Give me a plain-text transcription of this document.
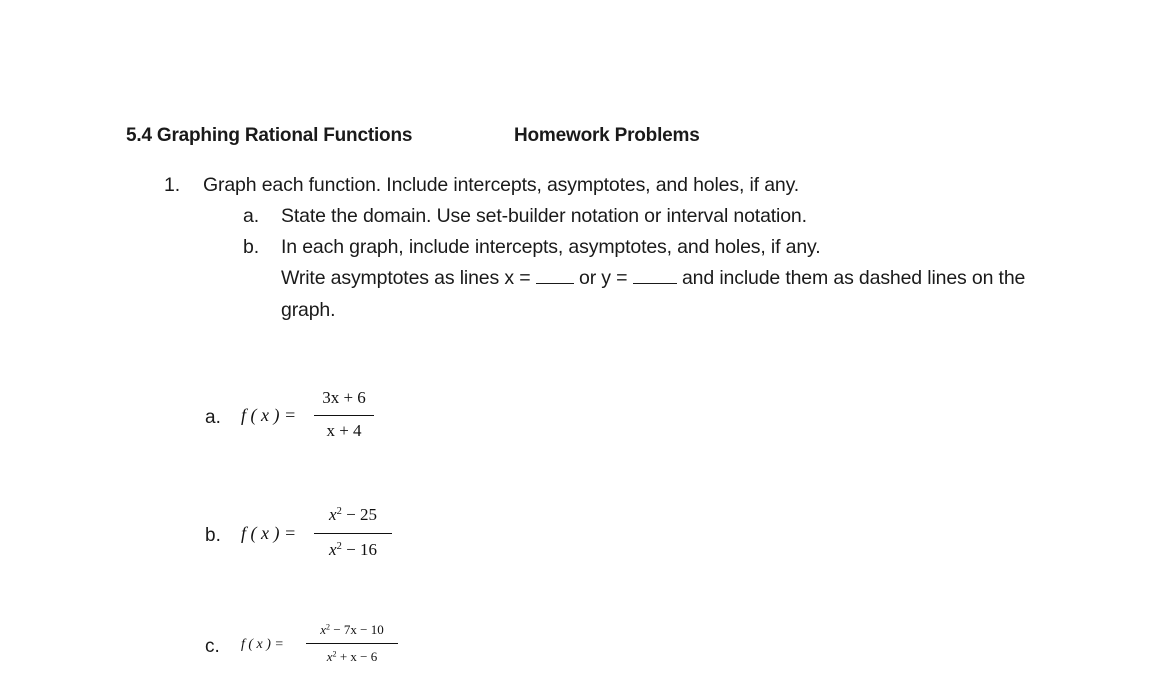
5.4 Graphing Rational Functions	Homework Problems
1. Graph each function. Include intercepts, asymptotes, and holes, if any.
a. State the domain. Use set-builder notation or interval notation.
b. In each graph, include intercepts, asymptotes, and holes, if any.
Write asymptotes as lines x = or y =	and include them as dashed lines on the
graph.
a. f ( x ) =
3x + 6
x + 4
b. f ( x ) =
$x^2 - 25$
$x^2 - 16$
c. f ( x ) =
$x^2 - 7x - 10$
$x^2 + x - 6$
